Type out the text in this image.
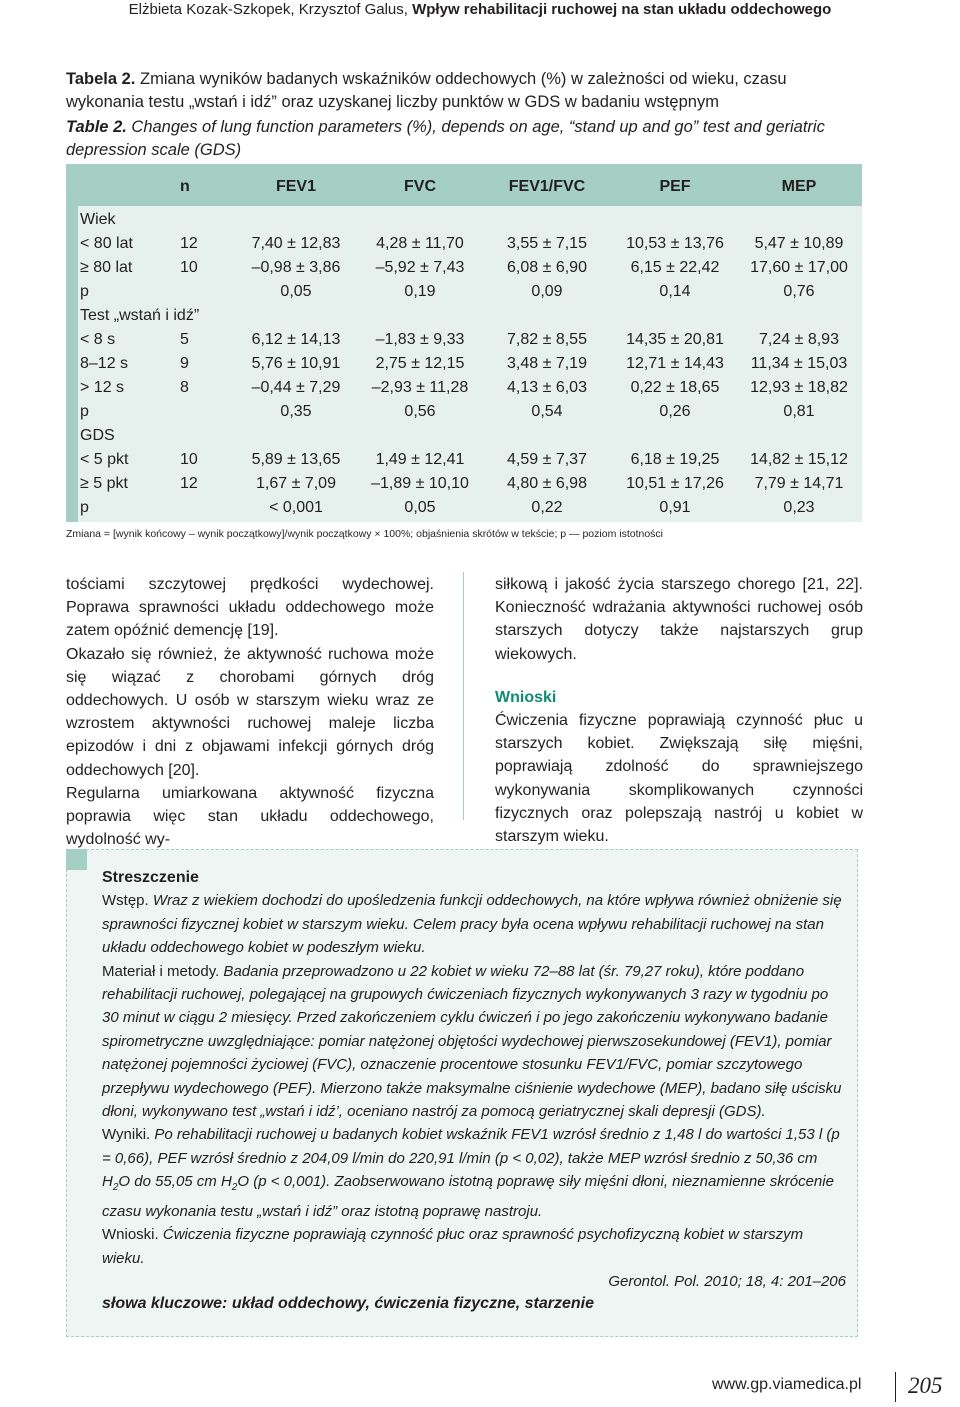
Elżbieta Kozak-Szkopek, Krzysztof Galus, Wpływ rehabilitacji ruchowej na stan układu oddechowego
Tabela 2. Zmiana wyników badanych wskaźników oddechowych (%) w zależności od wieku, czasu wykonania testu „wstań i idź” oraz uzyskanej liczby punktów w GDS w badaniu wstępnym
Table 2. Changes of lung function parameters (%), depends on age, “stand up and go” test and geriatric depression scale (GDS)
	n	FEV1	FVC	FEV1/FVC	PEF	MEP
Wiek						
< 80 lat	12	7,40 ± 12,83	4,28 ± 11,70	3,55 ± 7,15	10,53 ± 13,76	5,47 ± 10,89
≥ 80 lat	10	–0,98 ± 3,86	–5,92 ± 7,43	6,08 ± 6,90	6,15 ± 22,42	17,60 ± 17,00
p		0,05	0,19	0,09	0,14	0,76
Test „wstań i idź”						
< 8 s	5	6,12 ± 14,13	–1,83 ± 9,33	7,82 ± 8,55	14,35 ± 20,81	7,24 ± 8,93
8–12 s	9	5,76 ± 10,91	2,75 ± 12,15	3,48 ± 7,19	12,71 ± 14,43	11,34 ± 15,03
> 12 s	8	–0,44 ± 7,29	–2,93 ± 11,28	4,13 ± 6,03	0,22 ± 18,65	12,93 ± 18,82
p		0,35	0,56	0,54	0,26	0,81
GDS						
< 5 pkt	10	5,89 ± 13,65	1,49 ± 12,41	4,59 ± 7,37	6,18 ± 19,25	14,82 ± 15,12
≥ 5 pkt	12	1,67 ± 7,09	–1,89 ± 10,10	4,80 ± 6,98	10,51 ± 17,26	7,79 ± 14,71
p		< 0,001	0,05	0,22	0,91	0,23
Zmiana = [wynik końcowy – wynik początkowy]/wynik początkowy × 100%; objaśnienia skrótów w tekście; p — poziom istotności

tościami szczytowej prędkości wydechowej. Poprawa sprawności układu oddechowego może zatem opóźnić demencję [19].

Okazało się również, że aktywność ruchowa może się wiązać z chorobami górnych dróg oddechowych. U osób w starszym wieku wraz ze wzrostem aktywności ruchowej maleje liczba epizodów i dni z objawami infekcji górnych dróg oddechowych [20].

Regularna umiarkowana aktywność fizyczna poprawia więc stan układu oddechowego, wydolność wy-

siłkową i jakość życia starszego chorego [21, 22]. Konieczność wdrażania aktywności ruchowej osób starszych dotyczy także najstarszych grup wiekowych.

Wnioski

Ćwiczenia fizyczne poprawiają czynność płuc u starszych kobiet. Zwiększają siłę mięśni, poprawiają zdolność do sprawniejszego wykonywania skomplikowanych czynności fizycznych oraz polepszają nastrój u kobiet w starszym wieku.

Streszczenie

Wstęp. Wraz z wiekiem dochodzi do upośledzenia funkcji oddechowych, na które wpływa również obniżenie się sprawności fizycznej kobiet w starszym wieku. Celem pracy była ocena wpływu rehabilitacji ruchowej na stan układu oddechowego kobiet w podeszłym wieku.

Materiał i metody. Badania przeprowadzono u 22 kobiet w wieku 72–88 lat (śr. 79,27 roku), które poddano rehabilitacji ruchowej, polegającej na grupowych ćwiczeniach fizycznych wykonywanych 3 razy w tygodniu po 30 minut w ciągu 2 miesięcy. Przed zakończeniem cyklu ćwiczeń i po jego zakończeniu wykonywano badanie spirometryczne uwzględniające: pomiar natężonej objętości wydechowej pierwszosekundowej (FEV1), pomiar natężonej pojemności życiowej (FVC), oznaczenie procentowe stosunku FEV1/FVC, pomiar szczytowego przepływu wydechowego (PEF). Mierzono także maksymalne ciśnienie wydechowe (MEP), badano siłę uścisku dłoni, wykonywano test „wstań i idź’, oceniano nastrój za pomocą geriatrycznej skali depresji (GDS).

Wyniki. Po rehabilitacji ruchowej u badanych kobiet wskaźnik FEV1 wzrósł średnio z 1,48 l do wartości 1,53 l (p = 0,66), PEF wzrósł średnio z 204,09 l/min do 220,91 l/min (p < 0,02), także MEP wzrósł średnio z 50,36 cm $H_2O$ do 55,05 cm $H_2O$ (p < 0,001). Zaobserwowano istotną poprawę siły mięśni dłoni, nieznamienne skrócenie czasu wykonania testu „wstań i idź” oraz istotną poprawę nastroju.

Wnioski. Ćwiczenia fizyczne poprawiają czynność płuc oraz sprawność psychofizyczną kobiet w starszym wieku.

Gerontol. Pol. 2010; 18, 4: 201–206

słowa kluczowe: układ oddechowy, ćwiczenia fizyczne, starzenie
www.gp.viamedica.pl 205
